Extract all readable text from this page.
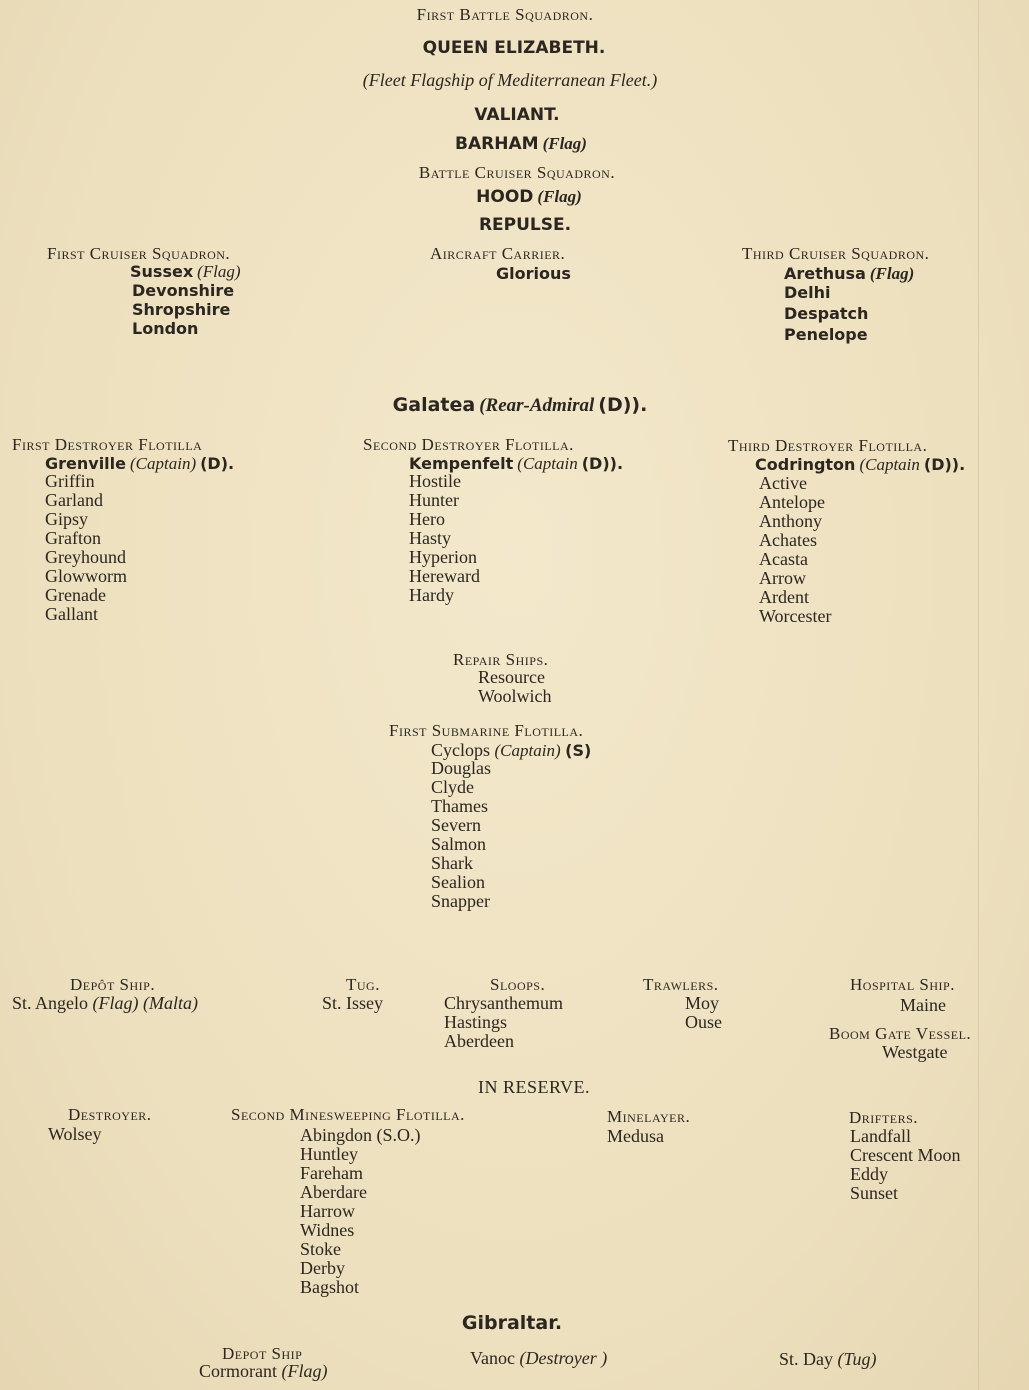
First Battle Squadron.
QUEEN ELIZABETH.
(Fleet Flagship of Mediterranean Fleet.)
VALIANT.
BARHAM (Flag)
Battle Cruiser Squadron.
HOOD (Flag)
REPULSE.
First Cruiser Squadron.
Sussex (Flag)
Devonshire
Shropshire
London
Aircraft Carrier.
Glorious
Third Cruiser Squadron.
Arethusa (Flag)
Delhi
Despatch
Penelope
Galatea (Rear-Admiral (D)).
First Destroyer Flotilla
Grenville (Captain) (D).
Griffin
Garland
Gipsy
Grafton
Greyhound
Glowworm
Grenade
Gallant
Second Destroyer Flotilla.
Kempenfelt (Captain (D)).
Hostile
Hunter
Hero
Hasty
Hyperion
Hereward
Hardy
Third Destroyer Flotilla.
Codrington (Captain (D)).
Active
Antelope
Anthony
Achates
Acasta
Arrow
Ardent
Worcester
Repair Ships.
Resource
Woolwich
First Submarine Flotilla.
Cyclops (Captain) (S)
Douglas
Clyde
Thames
Severn
Salmon
Shark
Sealion
Snapper
Depôt Ship.
St. Angelo (Flag) (Malta)
Tug.
St. Issey
Sloops.
Chrysanthemum
Hastings
Aberdeen
Trawlers.
Moy
Ouse
Hospital Ship.
Maine
Boom Gate Vessel.
Westgate
IN RESERVE.
Destroyer.
Wolsey
Second Minesweeping Flotilla.
Abingdon (S.O.)
Huntley
Fareham
Aberdare
Harrow
Widnes
Stoke
Derby
Bagshot
Minelayer.
Medusa
Drifters.
Landfall
Crescent Moon
Eddy
Sunset
Gibraltar.
Depot Ship
Cormorant (Flag)
Vanoc (Destroyer )	St. Day (Tug)
